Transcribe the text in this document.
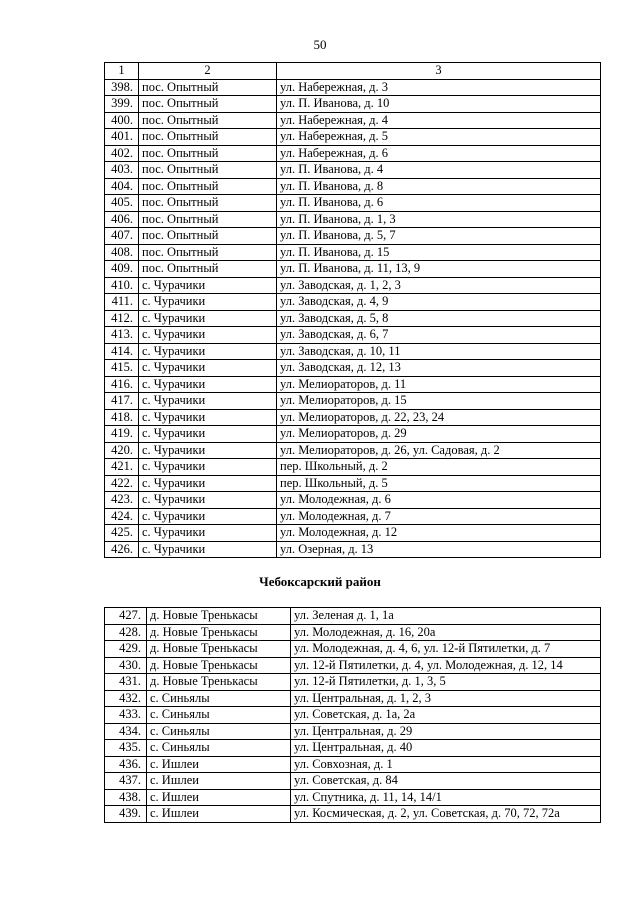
50
1	2	3
398.	пос. Опытный	ул. Набережная, д. 3
399.	пос. Опытный	ул. П. Иванова, д. 10
400.	пос. Опытный	ул. Набережная, д. 4
401.	пос. Опытный	ул. Набережная, д. 5
402.	пос. Опытный	ул. Набережная, д. 6
403.	пос. Опытный	ул. П. Иванова, д. 4
404.	пос. Опытный	ул. П. Иванова, д. 8
405.	пос. Опытный	ул. П. Иванова, д. 6
406.	пос. Опытный	ул. П. Иванова, д. 1, 3
407.	пос. Опытный	ул. П. Иванова, д. 5, 7
408.	пос. Опытный	ул. П. Иванова, д. 15
409.	пос. Опытный	ул. П. Иванова, д. 11, 13, 9
410.	с. Чурачики	ул. Заводская, д. 1, 2, 3
411.	с. Чурачики	ул. Заводская, д. 4, 9
412.	с. Чурачики	ул. Заводская, д. 5, 8
413.	с. Чурачики	ул. Заводская, д. 6, 7
414.	с. Чурачики	ул. Заводская, д. 10, 11
415.	с. Чурачики	ул. Заводская, д. 12, 13
416.	с. Чурачики	ул. Мелиораторов, д. 11
417.	с. Чурачики	ул. Мелиораторов, д. 15
418.	с. Чурачики	ул. Мелиораторов, д. 22, 23, 24
419.	с. Чурачики	ул. Мелиораторов, д. 29
420.	с. Чурачики	ул. Мелиораторов, д. 26, ул. Садовая, д. 2
421.	с. Чурачики	пер. Школьный, д. 2
422.	с. Чурачики	пер. Школьный, д. 5
423.	с. Чурачики	ул. Молодежная, д. 6
424.	с. Чурачики	ул. Молодежная, д. 7
425.	с. Чурачики	ул. Молодежная, д. 12
426.	с. Чурачики	ул. Озерная, д. 13
Чебоксарский район
427.	д. Новые Тренькасы	ул. Зеленая д. 1, 1а
428.	д. Новые Тренькасы	ул. Молодежная, д. 16, 20а
429.	д. Новые Тренькасы	ул. Молодежная, д. 4, 6, ул. 12-й Пятилетки, д. 7
430.	д. Новые Тренькасы	ул. 12-й Пятилетки, д. 4, ул. Молодежная, д. 12, 14
431.	д. Новые Тренькасы	ул. 12-й Пятилетки, д. 1, 3, 5
432.	с. Синьялы	ул. Центральная, д. 1, 2, 3
433.	с. Синьялы	ул. Советская, д. 1а, 2а
434.	с. Синьялы	ул. Центральная, д. 29
435.	с. Синьялы	ул. Центральная, д. 40
436.	с. Ишлеи	ул. Совхозная, д. 1
437.	с. Ишлеи	ул. Советская, д. 84
438.	с. Ишлеи	ул. Спутника, д. 11, 14, 14/1
439.	с. Ишлеи	ул. Космическая, д. 2, ул. Советская, д. 70, 72, 72а
